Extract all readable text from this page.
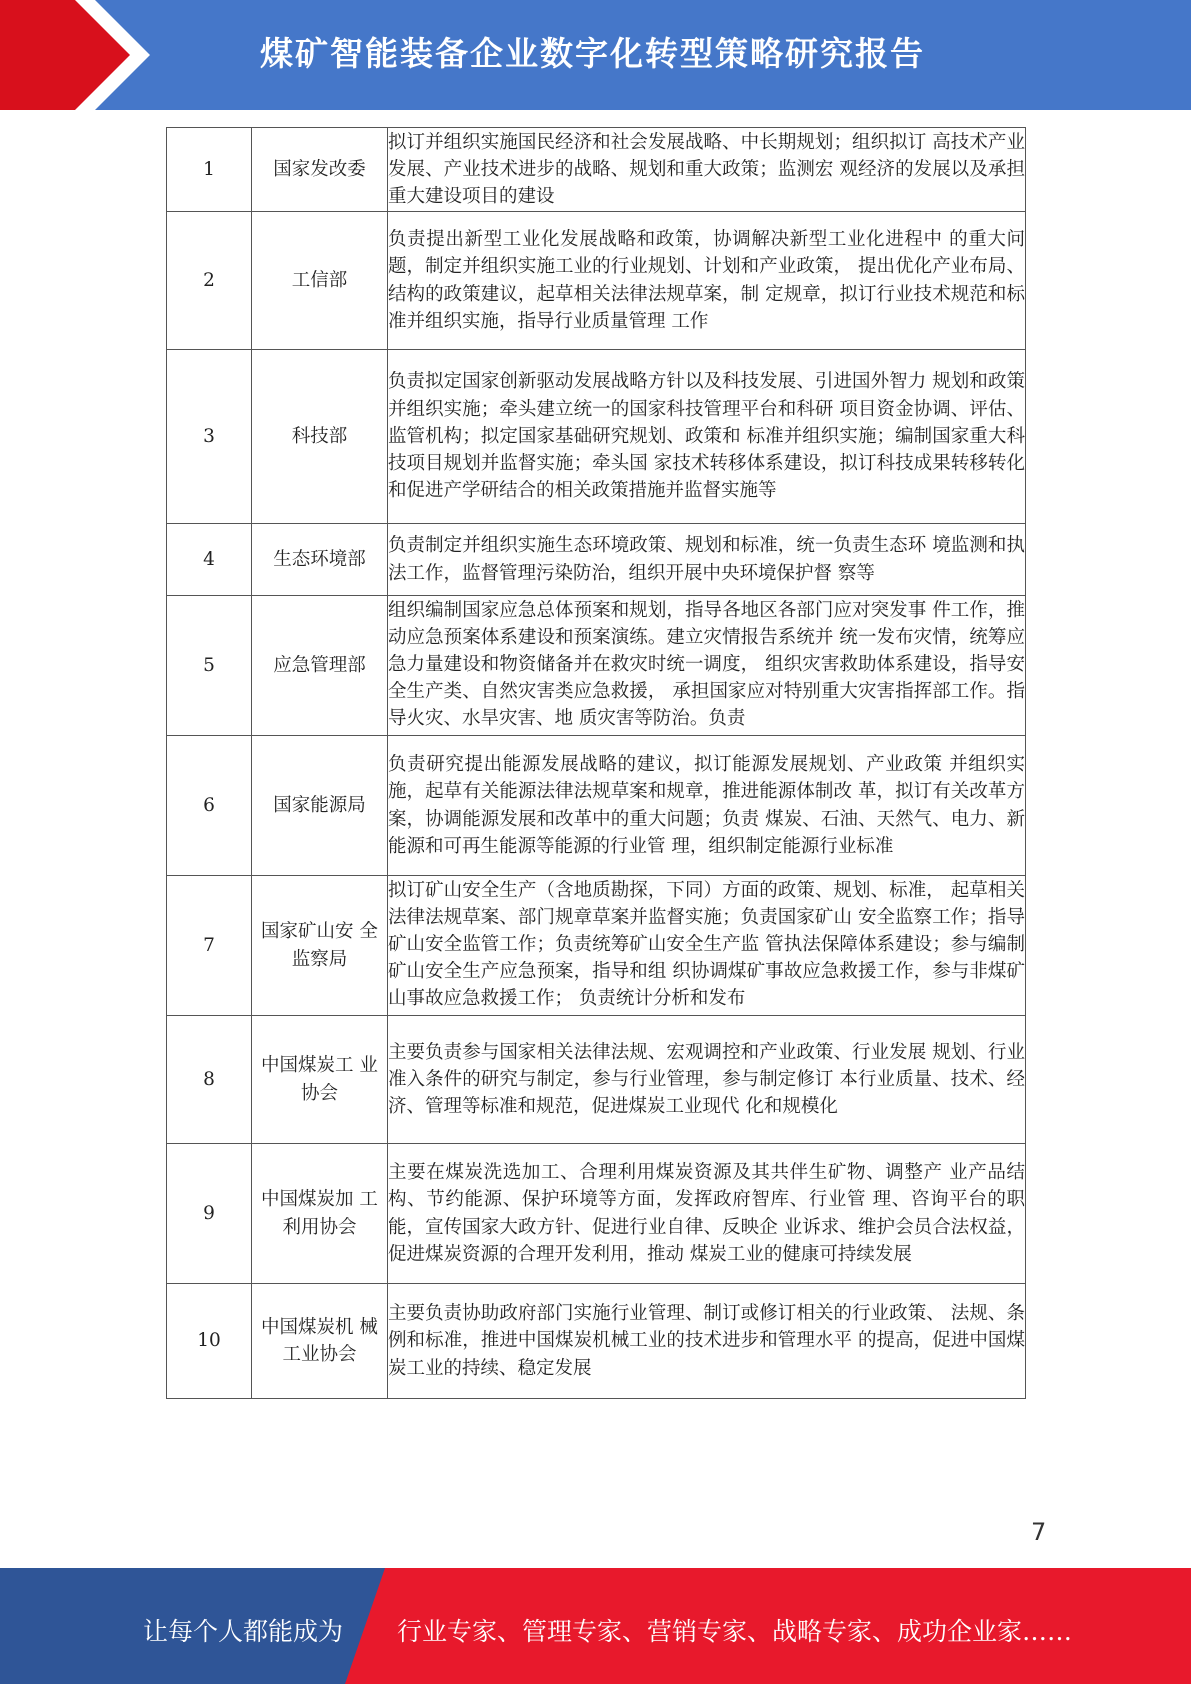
煤矿智能装备企业数字化转型策略研究报告
1	国家发改委	拟订并组织实施国民经济和社会发展战略、中长期规划；组织拟订 高技术产业发展、产业技术进步的战略、规划和重大政策；监测宏 观经济的发展以及承担重大建设项目的建设
2	工信部	负责提出新型工业化发展战略和政策，协调解决新型工业化进程中 的重大问题，制定并组织实施工业的行业规划、计划和产业政策， 提出优化产业布局、结构的政策建议，起草相关法律法规草案，制 定规章，拟订行业技术规范和标准并组织实施，指导行业质量管理 工作
3	科技部	负责拟定国家创新驱动发展战略方针以及科技发展、引进国外智力 规划和政策并组织实施；牵头建立统一的国家科技管理平台和科研 项目资金协调、评估、监管机构；拟定国家基础研究规划、政策和 标准并组织实施；编制国家重大科技项目规划并监督实施；牵头国 家技术转移体系建设，拟订科技成果转移转化和促进产学研结合的相关政策措施并监督实施等
4	生态环境部	负责制定并组织实施生态环境政策、规划和标准，统一负责生态环 境监测和执法工作，监督管理污染防治，组织开展中央环境保护督 察等
5	应急管理部	组织编制国家应急总体预案和规划，指导各地区各部门应对突发事 件工作，推动应急预案体系建设和预案演练。建立灾情报告系统并 统一发布灾情，统筹应急力量建设和物资储备并在救灾时统一调度， 组织灾害救助体系建设，指导安全生产类、自然灾害类应急救援， 承担国家应对特别重大灾害指挥部工作。指导火灾、水旱灾害、地 质灾害等防治。负责

6	国家能源局	负责研究提出能源发展战略的建议，拟订能源发展规划、产业政策 并组织实施，起草有关能源法律法规草案和规章，推进能源体制改 革，拟订有关改革方案，协调能源发展和改革中的重大问题；负责 煤炭、石油、天然气、电力、新能源和可再生能源等能源的行业管 理，组织制定能源行业标准
7	国家矿山安 全监察局	拟订矿山安全生产（含地质勘探，下同）方面的政策、规划、标准， 起草相关法律法规草案、部门规章草案并监督实施；负责国家矿山 安全监察工作；指导矿山安全监管工作；负责统筹矿山安全生产监 管执法保障体系建设；参与编制矿山安全生产应急预案，指导和组 织协调煤矿事故应急救援工作，参与非煤矿山事故应急救援工作； 负责统计分析和发布

8	中国煤炭工 业协会	主要负责参与国家相关法律法规、宏观调控和产业政策、行业发展 规划、行业准入条件的研究与制定，参与行业管理，参与制定修订 本行业质量、技术、经济、管理等标准和规范，促进煤炭工业现代 化和规模化
9	中国煤炭加 工利用协会	主要在煤炭洗选加工、合理利用煤炭资源及其共伴生矿物、调整产 业产品结构、节约能源、保护环境等方面，发挥政府智库、行业管 理、咨询平台的职能，宣传国家大政方针、促进行业自律、反映企 业诉求、维护会员合法权益，促进煤炭资源的合理开发利用，推动 煤炭工业的健康可持续发展
10	中国煤炭机 械工业协会	主要负责协助政府部门实施行业管理、制订或修订相关的行业政策、 法规、条例和标准，推进中国煤炭机械工业的技术进步和管理水平 的提高，促进中国煤炭工业的持续、稳定发展
7
让每个人都能成为 行业专家、管理专家、营销专家、战略专家、成功企业家……
